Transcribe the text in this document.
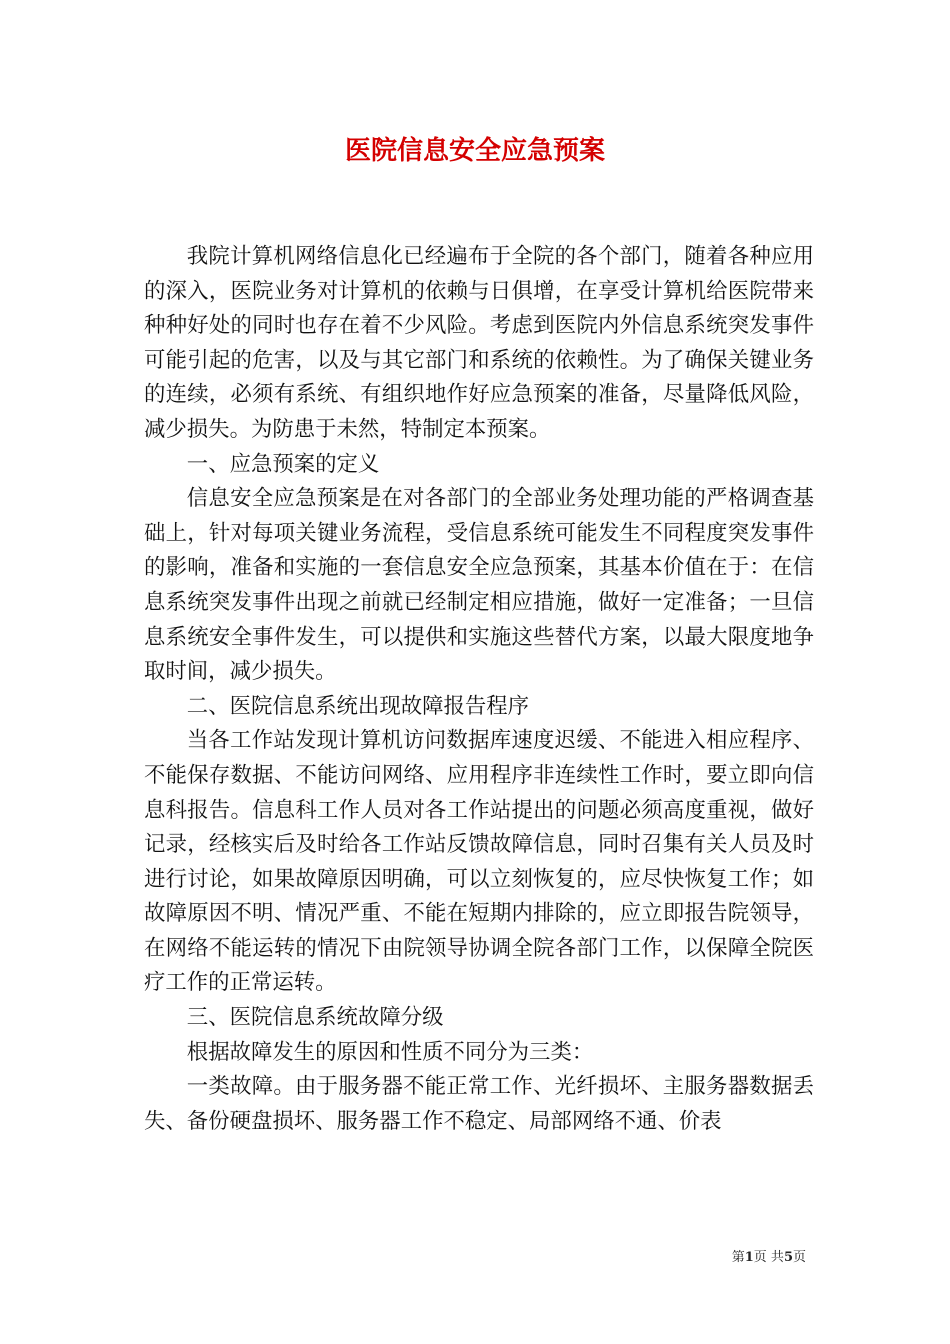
医院信息安全应急预案

我院计算机网络信息化已经遍布于全院的各个部门，随着各种应用的深入，医院业务对计算机的依赖与日俱增，在享受计算机给医院带来种种好处的同时也存在着不少风险。考虑到医院内外信息系统突发事件可能引起的危害，以及与其它部门和系统的依赖性。为了确保关键业务的连续，必须有系统、有组织地作好应急预案的准备，尽量降低风险，减少损失。为防患于未然，特制定本预案。

一、应急预案的定义

信息安全应急预案是在对各部门的全部业务处理功能的严格调查基础上，针对每项关键业务流程，受信息系统可能发生不同程度突发事件的影响，准备和实施的一套信息安全应急预案，其基本价值在于：在信息系统突发事件出现之前就已经制定相应措施，做好一定准备；一旦信息系统安全事件发生，可以提供和实施这些替代方案，以最大限度地争取时间，减少损失。

二、医院信息系统出现故障报告程序

当各工作站发现计算机访问数据库速度迟缓、不能进入相应程序、不能保存数据、不能访问网络、应用程序非连续性工作时，要立即向信息科报告。信息科工作人员对各工作站提出的问题必须高度重视，做好记录，经核实后及时给各工作站反馈故障信息，同时召集有关人员及时进行讨论，如果故障原因明确，可以立刻恢复的，应尽快恢复工作；如故障原因不明、情况严重、不能在短期内排除的，应立即报告院领导，在网络不能运转的情况下由院领导协调全院各部门工作，以保障全院医疗工作的正常运转。

三、医院信息系统故障分级

根据故障发生的原因和性质不同分为三类：

一类故障。由于服务器不能正常工作、光纤损坏、主服务器数据丢失、备份硬盘损坏、服务器工作不稳定、局部网络不通、价表

第1页 共5页
